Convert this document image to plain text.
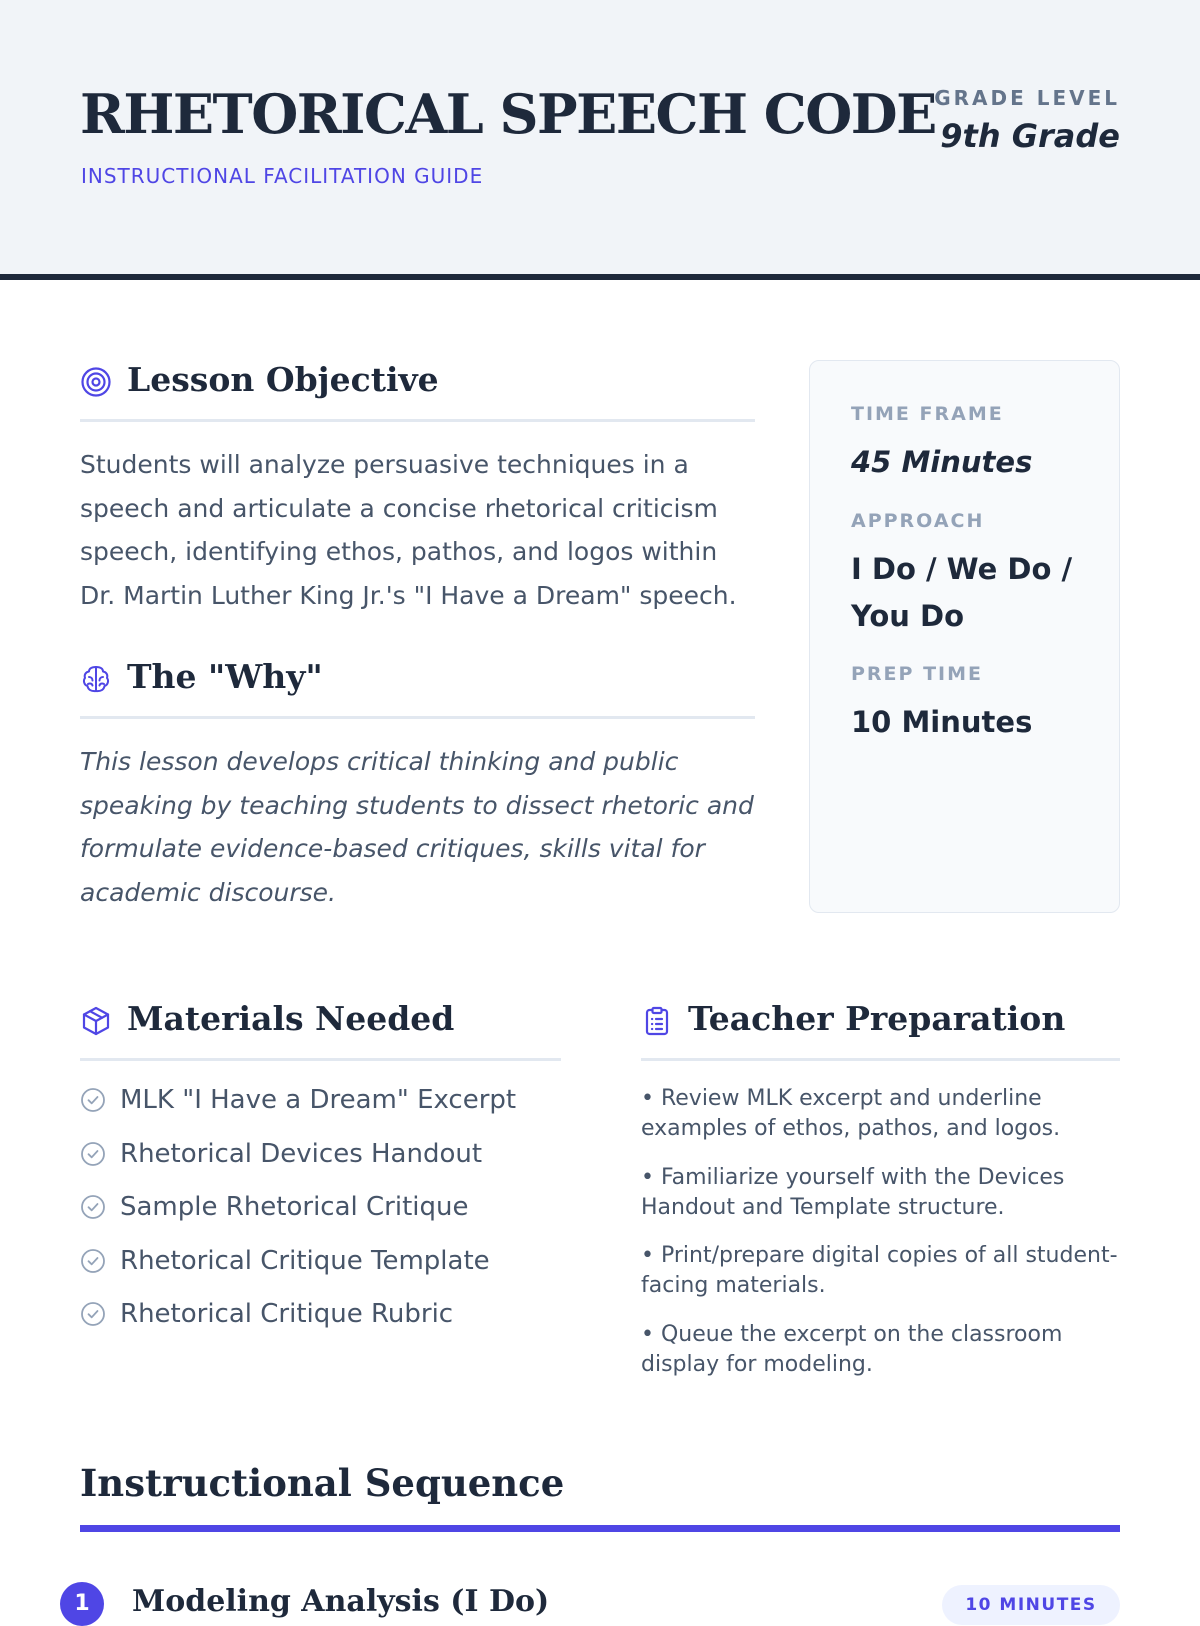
RHETORICAL SPEECH CODE
INSTRUCTIONAL FACILITATION GUIDE
GRADE LEVEL
9th Grade
Lesson Objective
Students will analyze persuasive techniques in a speech and articulate a concise rhetorical criticism speech, identifying ethos, pathos, and logos within Dr. Martin Luther King Jr.'s "I Have a Dream" speech.
The "Why"
This lesson develops critical thinking and public speaking by teaching students to dissect rhetoric and formulate evidence-based critiques, skills vital for academic discourse.
TIME FRAME
45 Minutes
APPROACH
I Do / We Do / You Do
PREP TIME
10 Minutes
Materials Needed
MLK "I Have a Dream" Excerpt
Rhetorical Devices Handout
Sample Rhetorical Critique
Rhetorical Critique Template
Rhetorical Critique Rubric
Teacher Preparation
• Review MLK excerpt and underline examples of ethos, pathos, and logos.
• Familiarize yourself with the Devices Handout and Template structure.
• Print/prepare digital copies of all student-facing materials.
• Queue the excerpt on the classroom display for modeling.
Instructional Sequence
1	Modeling Analysis (I Do)	10 MINUTES
